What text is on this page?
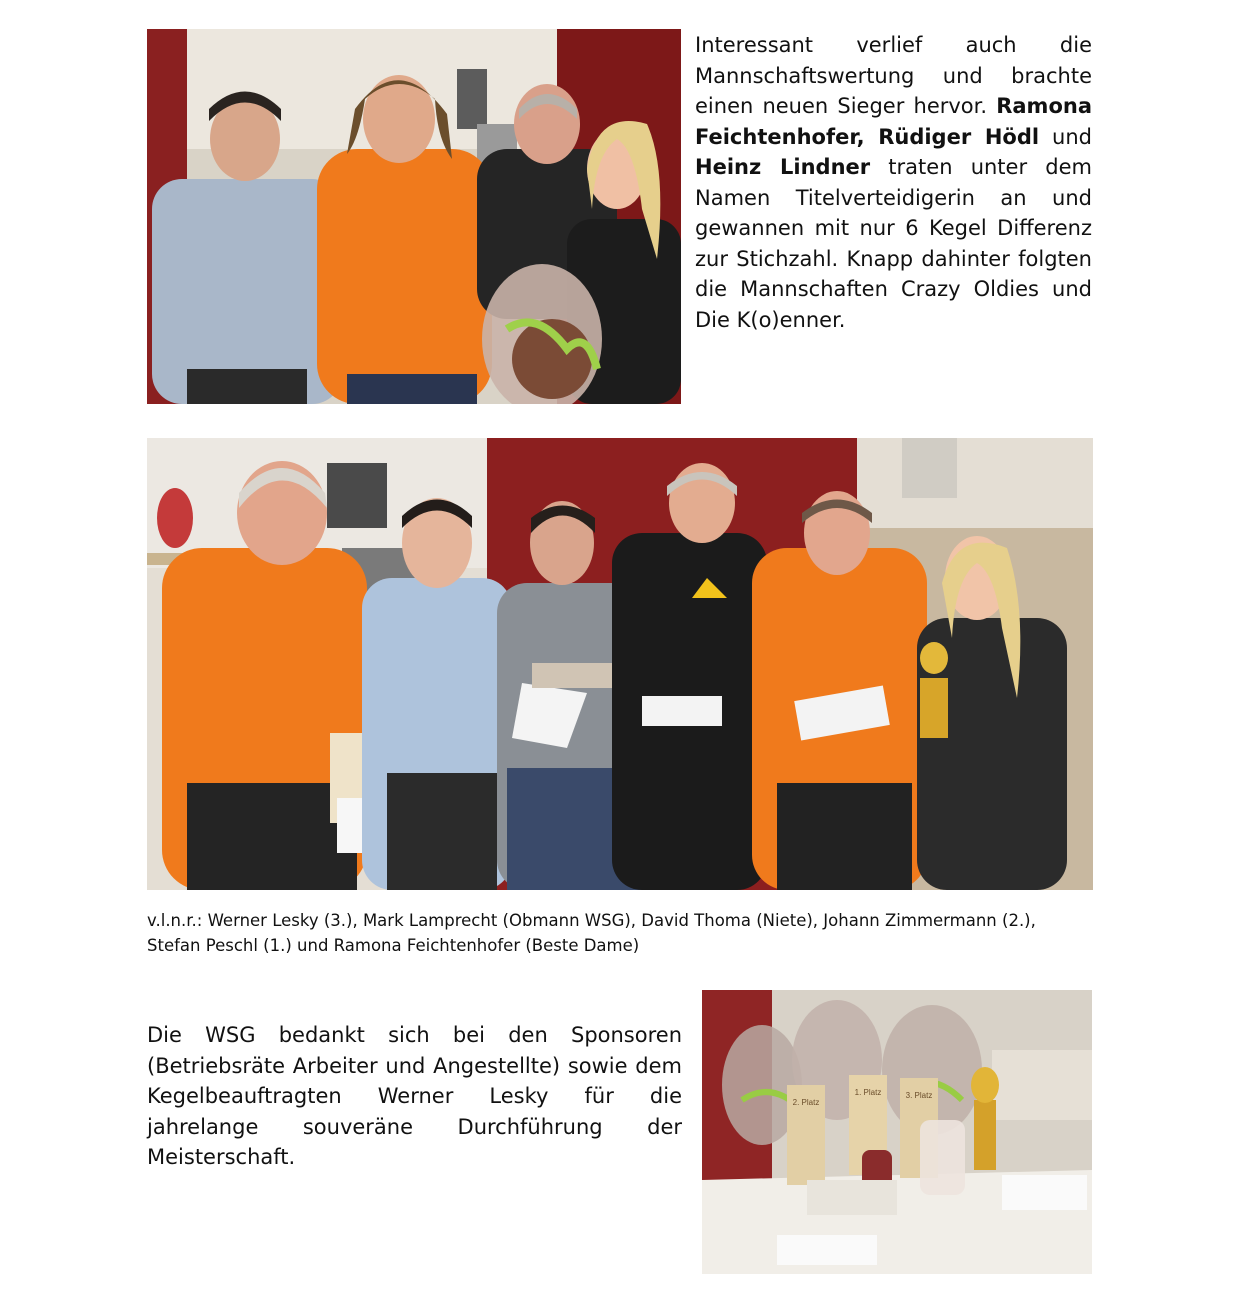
Interessant verlief auch die Mannschaftswertung und brachte einen neuen Sieger hervor. Ramona Feichtenhofer, Rüdiger Hödl und Heinz Lindner traten unter dem Namen Titelverteidigerin an und gewannen mit nur 6 Kegel Differenz zur Stichzahl. Knapp dahinter folgten die Mannschaften Crazy Oldies und Die K(o)enner.
v.l.n.r.: Werner Lesky (3.), Mark Lamprecht (Obmann WSG), David Thoma (Niete), Johann Zimmermann (2.),
Stefan Peschl (1.) und Ramona Feichtenhofer (Beste Dame)
Die WSG bedankt sich bei den Sponsoren (Betriebsräte Arbeiter und Angestellte) sowie dem Kegelbeauftragten Werner Lesky für die jahrelange souveräne Durchführung der Meisterschaft.
2. Platz
1. Platz	3. Platz
